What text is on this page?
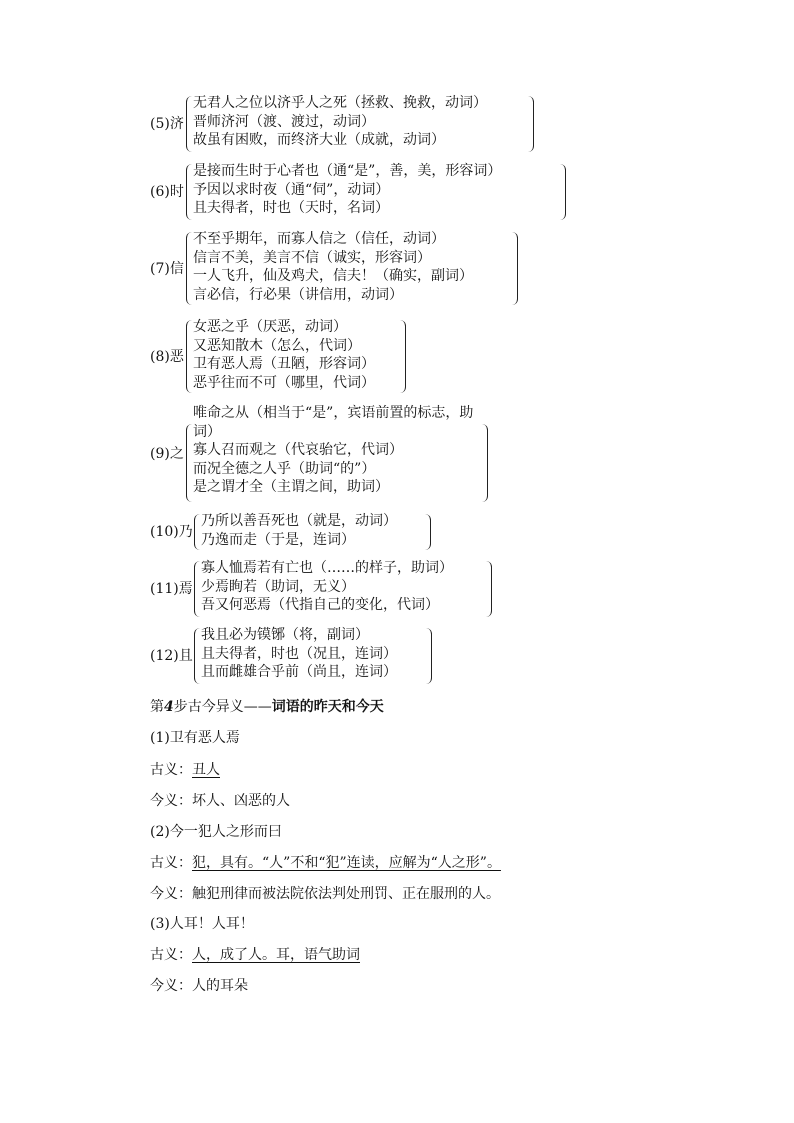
(5)济
无君人之位以济乎人之死（拯救、挽救，动词）
晋师济河（渡、渡过，动词）
故虽有困败，而终济大业（成就，动词）
(6)时
是接而生时于心者也（通“是”，善，美，形容词）
予因以求时夜（通“伺”，动词）
且夫得者，时也（天时，名词）
(7)信
不至乎期年，而寡人信之（信任，动词）
信言不美，美言不信（诚实，形容词）
一人飞升，仙及鸡犬，信夫！（确实，副词）
言必信，行必果（讲信用，动词）
(8)恶
女恶之乎（厌恶，动词）
又恶知散木（怎么，代词）
卫有恶人焉（丑陋，形容词）
恶乎往而不可（哪里，代词）
(9)之
唯命之从（相当于“是”，宾语前置的标志，助词）
寡人召而观之（代哀骀它，代词）
而况全德之人乎（助词“的”）
是之谓才全（主谓之间，助词）
(10)乃
乃所以善吾死也（就是，动词）
乃逸而走（于是，连词）
(11)焉
寡人恤焉若有亡也（……的样子，助词）
少焉眴若（助词，无义）
吾又何恶焉（代指自己的变化，代词）
(12)且
我且必为镆铘（将，副词）
且夫得者，时也（况且，连词）
且而雌雄合乎前（尚且，连词）
第4步古今异义——词语的昨天和今天
(1)卫有恶人焉
古义：丑人
今义：坏人、凶恶的人
(2)今一犯人之形而曰
古义：犯，具有。“人”不和“犯”连读，应解为“人之形”。
今义：触犯刑律而被法院依法判处刑罚、正在服刑的人。
(3)人耳！人耳！
古义：人，成了人。耳，语气助词
今义：人的耳朵
